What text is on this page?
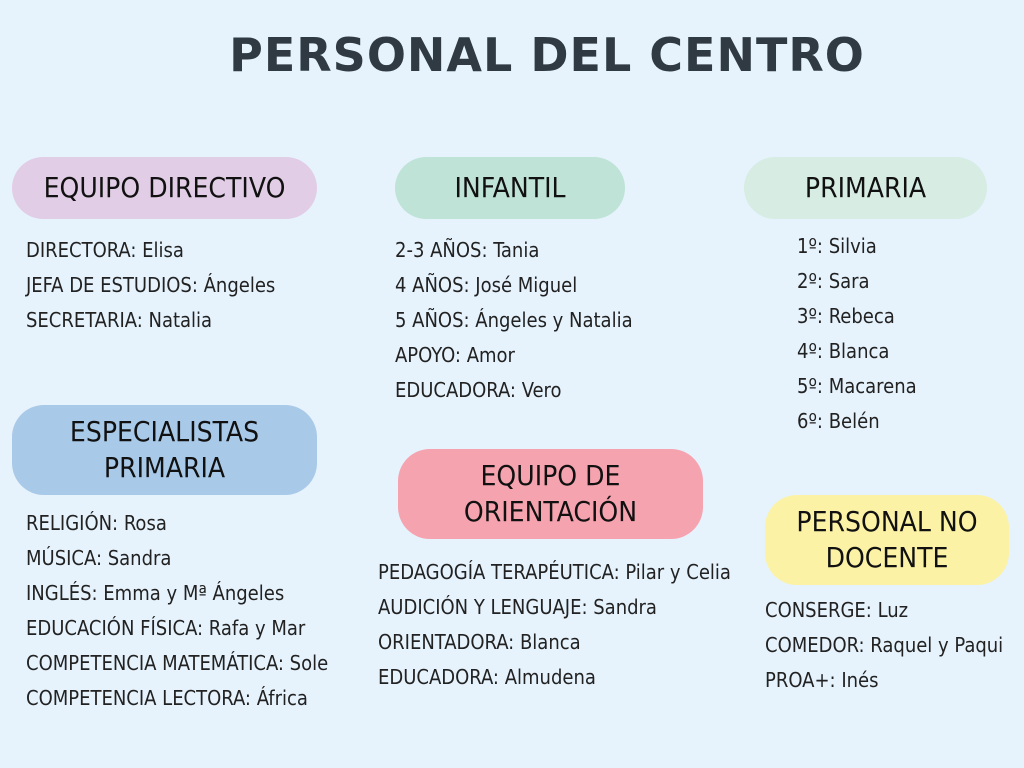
PERSONAL DEL CENTRO
EQUIPO DIRECTIVO
DIRECTORA: Elisa
JEFA DE ESTUDIOS: Ángeles
SECRETARIA: Natalia
INFANTIL
2-3 AÑOS: Tania
4 AÑOS: José Miguel
5 AÑOS: Ángeles y Natalia
APOYO: Amor
EDUCADORA: Vero
PRIMARIA
1º: Silvia
2º: Sara
3º: Rebeca
4º: Blanca
5º: Macarena
6º: Belén
ESPECIALISTAS
PRIMARIA
RELIGIÓN: Rosa
MÚSICA: Sandra
INGLÉS: Emma y Mª Ángeles
EDUCACIÓN FÍSICA: Rafa y Mar
COMPETENCIA MATEMÁTICA: Sole
COMPETENCIA LECTORA: África
EQUIPO DE
ORIENTACIÓN
PEDAGOGÍA TERAPÉUTICA: Pilar y Celia
AUDICIÓN Y LENGUAJE: Sandra
ORIENTADORA: Blanca
EDUCADORA: Almudena
PERSONAL NO
DOCENTE
CONSERGE: Luz
COMEDOR: Raquel y Paqui
PROA+: Inés
